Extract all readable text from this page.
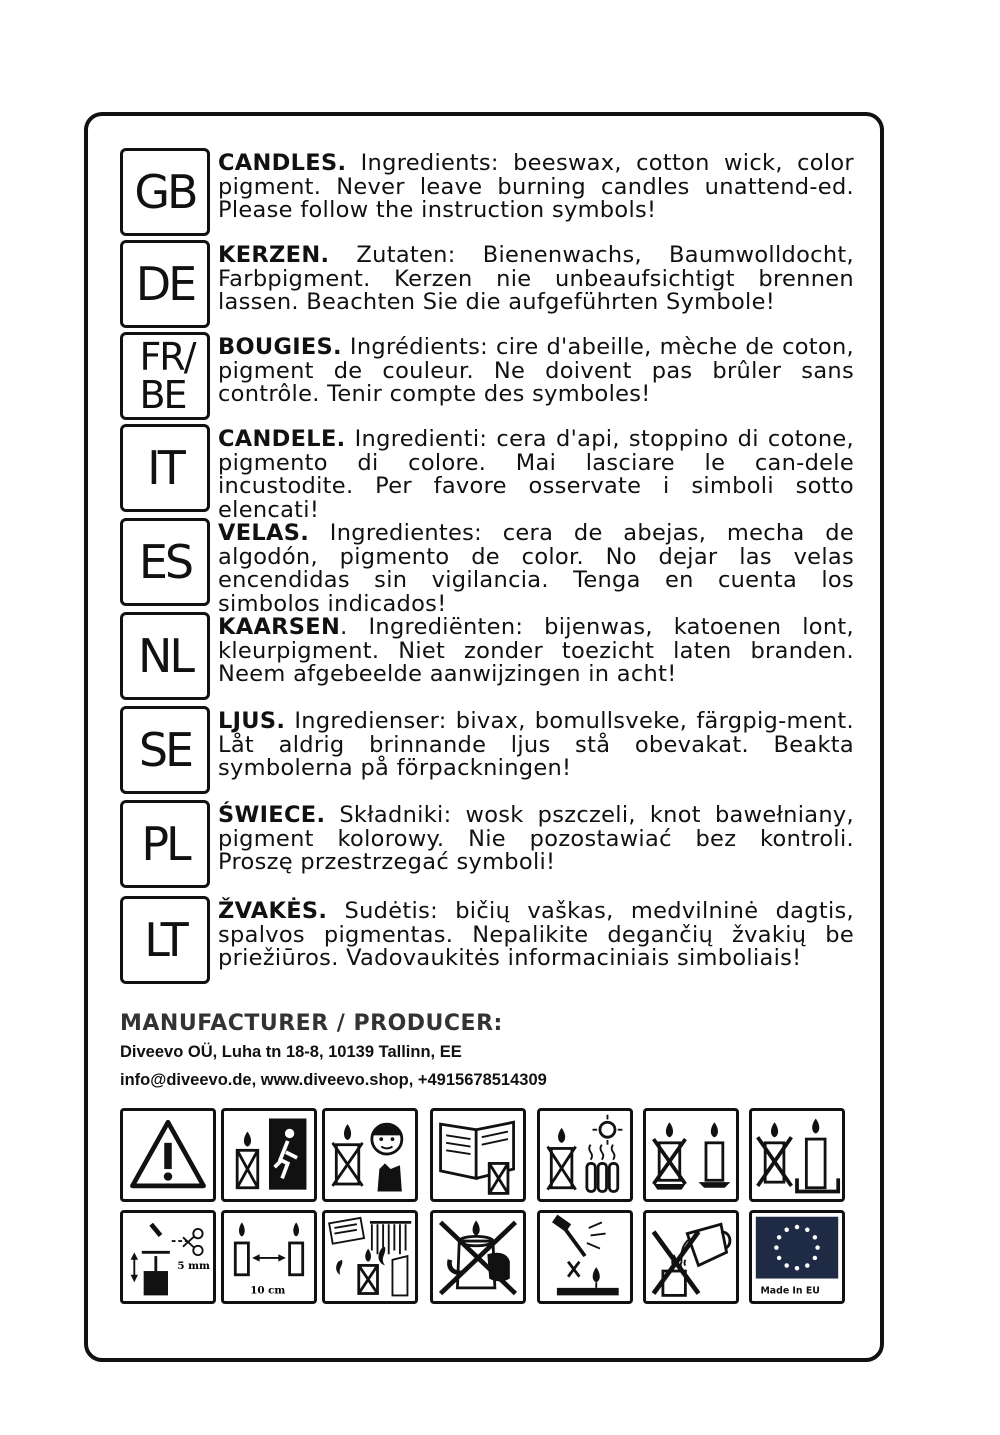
GB
CANDLES. Ingredients: beeswax, cotton wick, color pigment. Never leave burning candles unattend-ed. Please follow the instruction symbols!
DE
KERZEN. Zutaten: Bienenwachs, Baumwolldocht, Farbpigment. Kerzen nie unbeaufsichtigt brennen lassen. Beachten Sie die aufgeführten Symbole!
FR/
BE
BOUGIES. Ingrédients: cire d'abeille, mèche de coton, pigment de couleur. Ne doivent pas brûler sans contrôle. Tenir compte des symboles!
IT
CANDELE. Ingredienti: cera d'api, stoppino di cotone, pigmento di colore. Mai lasciare le can-dele incustodite. Per favore osservate i simboli sotto elencati!
ES
VELAS. Ingredientes: cera de abejas, mecha de algodón, pigmento de color. No dejar las velas encendidas sin vigilancia. Tenga en cuenta los simbolos indicados!
NL
KAARSEN. Ingrediënten: bijenwas, katoenen lont, kleurpigment. Niet zonder toezicht laten branden. Neem afgebeelde aanwijzingen in acht!
SE
LJUS. Ingredienser: bivax, bomullsveke, färgpig-ment. Låt aldrig brinnande ljus stå obevakat. Beakta symbolerna på förpackningen!
PL
ŚWIECE. Składniki: wosk pszczeli, knot bawełniany, pigment kolorowy. Nie pozostawiać bez kontroli. Proszę przestrzegać symboli!
LT
ŽVAKĖS. Sudėtis: bičių vaškas, medvilninė dagtis, spalvos pigmentas. Nepalikite degančių žvakių be priežiūros. Vadovaukitės informaciniais simboliais!
MANUFACTURER / PRODUCER:
Diveevo OÜ, Luha tn 18-8, 10139 Tallinn, EE
info@diveevo.de, www.diveevo.shop, +4915678514309
5 mm
10 cm	Made In EU
